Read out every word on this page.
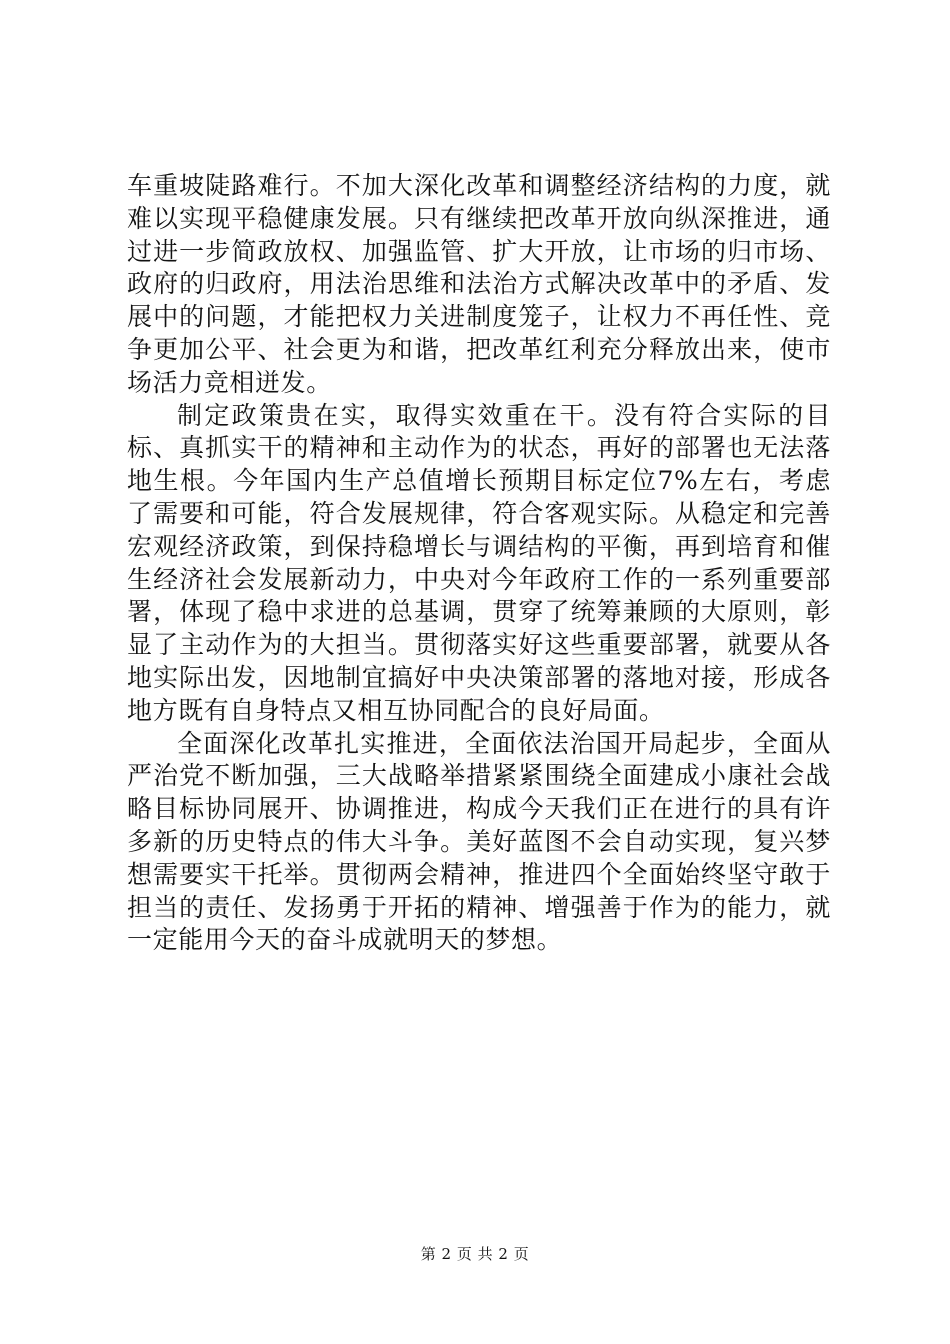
车重坡陡路难行。不加大深化改革和调整经济结构的力度，就难以实现平稳健康发展。只有继续把改革开放向纵深推进，通过进一步简政放权、加强监管、扩大开放，让市场的归市场、政府的归政府，用法治思维和法治方式解决改革中的矛盾、发展中的问题，才能把权力关进制度笼子，让权力不再任性、竞争更加公平、社会更为和谐，把改革红利充分释放出来，使市场活力竞相迸发。

制定政策贵在实，取得实效重在干。没有符合实际的目标、真抓实干的精神和主动作为的状态，再好的部署也无法落地生根。今年国内生产总值增长预期目标定位7%左右，考虑了需要和可能，符合发展规律，符合客观实际。从稳定和完善宏观经济政策，到保持稳增长与调结构的平衡，再到培育和催生经济社会发展新动力，中央对今年政府工作的一系列重要部署，体现了稳中求进的总基调，贯穿了统筹兼顾的大原则，彰显了主动作为的大担当。贯彻落实好这些重要部署，就要从各地实际出发，因地制宜搞好中央决策部署的落地对接，形成各地方既有自身特点又相互协同配合的良好局面。

全面深化改革扎实推进，全面依法治国开局起步，全面从严治党不断加强，三大战略举措紧紧围绕全面建成小康社会战略目标协同展开、协调推进，构成今天我们正在进行的具有许多新的历史特点的伟大斗争。美好蓝图不会自动实现，复兴梦想需要实干托举。贯彻两会精神，推进四个全面始终坚守敢于担当的责任、发扬勇于开拓的精神、增强善于作为的能力，就一定能用今天的奋斗成就明天的梦想。

第 2 页 共 2 页
